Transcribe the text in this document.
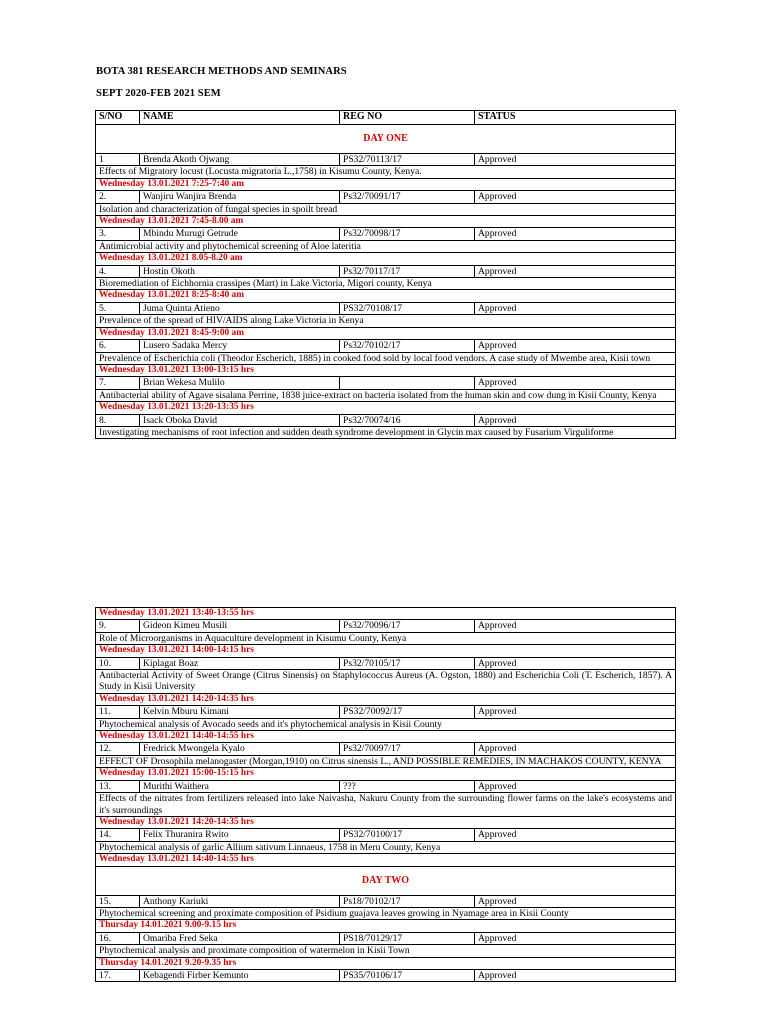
BOTA 381 RESEARCH METHODS AND SEMINARS
SEPT 2020-FEB 2021 SEM
S/NO	NAME	REG NO	STATUS
DAY ONE			
1	Brenda Akoth Ojwang	PS32/70113/17	Approved
Effects of Migratory locust (Locusta migratoria L.,1758) in Kisumu County, Kenya.			
Wednesday 13.01.2021 7:25-7:40 am			
2.	Wanjiru Wanjira Brenda	Ps32/70091/17	Approved
Isolation and characterization of fungal species in spoilt bread			
Wednesday 13.01.2021 7:45-8.00 am			
3.	Mbindu Murugi Getrude	Ps32/70098/17	Approved
Antimicrobial activity and phytochemical screening of Aloe lateritia			
Wednesday 13.01.2021 8.05-8.20 am			
4.	Hostin Okoth	Ps32/70117/17	Approved
Bioremediation of Eichhornia crassipes (Mart) in Lake Victoria, Migori county, Kenya			
Wednesday 13.01.2021 8:25-8:40 am			
5.	Juma Quinta Atieno	PS32/70108/17	Approved
Prevalence of the spread of HIV/AIDS along Lake Victoria in Kenya			
Wednesday 13.01.2021 8:45-9:00 am			
6.	Lusero Sadaka Mercy	Ps32/70102/17	Approved
Prevalence of Escherichia coli (Theodor Escherich, 1885) in cooked food sold by local food vendors. A case study of Mwembe area, Kisii town			
Wednesday 13.01.2021 13:00-13:15 hrs			
7.	Brian Wekesa Mulilo		Approved
Antibacterial ability of Agave sisalana Perrine, 1838 juice-extract on bacteria isolated from the human skin and cow dung in Kisii County, Kenya			
Wednesday 13.01.2021 13:20-13:35 hrs			
8.	Isack Oboka David	Ps32/70074/16	Approved
Investigating mechanisms of root infection and sudden death syndrome development in Glycin max caused by Fusarium Virguliforme			
Wednesday 13.01.2021 13:40-13:55 hrs			
9.	Gideon Kimeu Musili	Ps32/70096/17	Approved
Role of Microorganisms in Aquaculture development in Kisumu County, Kenya			
Wednesday 13.01.2021 14:00-14:15 hrs			
10.	Kiplagat Boaz	Ps32/70105/17	Approved
Antibacterial Activity of Sweet Orange (Citrus Sinensis) on Staphylococcus Aureus (A. Ogston, 1880) and Escherichia Coli (T. Escherich, 1857). A Study in Kisii University			
Wednesday 13.01.2021 14:20-14:35 hrs			
11.	Kelvin Mburu Kimani	PS32/70092/17	Approved
Phytochemical analysis of Avocado seeds and it's phytochemical analysis in Kisii County			
Wednesday 13.01.2021 14:40-14:55 hrs			
12.	Fredrick Mwongela Kyalo	Ps32/70097/17	Approved
EFFECT OF Drosophila melanogaster (Morgan,1910) on Citrus sinensis L., AND POSSIBLE REMEDIES, IN MACHAKOS COUNTY, KENYA			
Wednesday 13.01.2021 15:00-15:15 hrs			
13.	Murithi Waithera	???	Approved
Effects of the nitrates from fertilizers released into lake Naivasha, Nakuru County from the surrounding flower farms on the lake's ecosystems and it's surroundings			
Wednesday 13.01.2021 14:20-14:35 hrs			
14.	Felix Thuranira Rwito	PS32/70100/17	Approved
Phytochemical analysis of garlic Allium sativum Linnaeus, 1758 in Meru County, Kenya			
Wednesday 13.01.2021 14:40-14:55 hrs			
DAY TWO			
15.	Anthony Kariuki	Ps18/70102/17	Approved
Phytochemical screening and proximate composition of Psidium guajava leaves growing in Nyamage area in Kisii County			
Thursday 14.01.2021 9.00-9.15 hrs			
16.	Omariba Fred Seka	PS18/70129/17	Approved
Phytochemical analysis and proximate composition of watermelon in Kisii Town			
Thursday 14.01.2021 9.20-9.35 hrs			
17.	Kebagendi Firber Kemunto	PS35/70106/17	Approved
